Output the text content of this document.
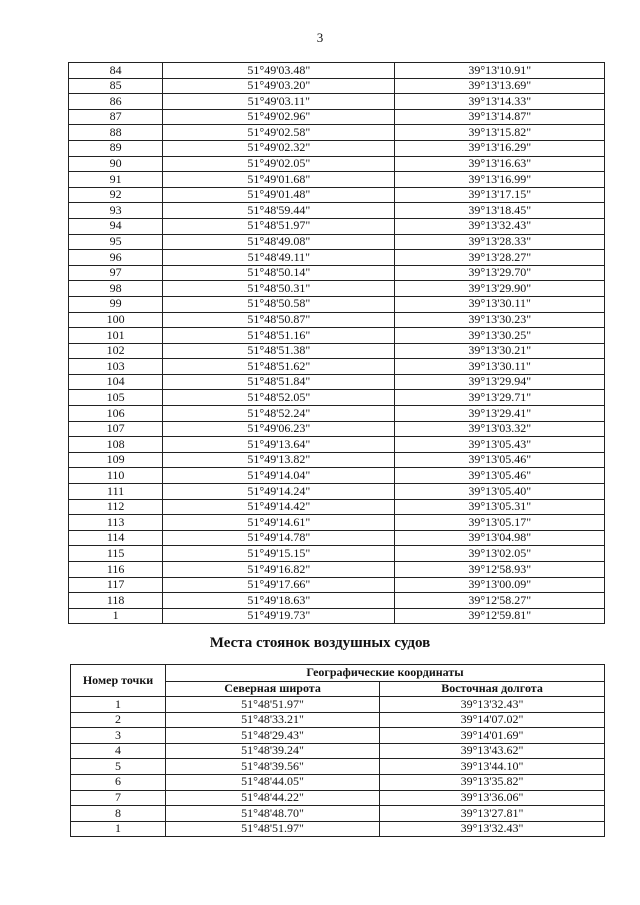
3
84	51°49'03.48"	39°13'10.91"
85	51°49'03.20"	39°13'13.69"
86	51°49'03.11"	39°13'14.33"
87	51°49'02.96"	39°13'14.87"
88	51°49'02.58"	39°13'15.82"
89	51°49'02.32"	39°13'16.29"
90	51°49'02.05"	39°13'16.63"
91	51°49'01.68"	39°13'16.99"
92	51°49'01.48"	39°13'17.15"
93	51°48'59.44"	39°13'18.45"
94	51°48'51.97"	39°13'32.43"
95	51°48'49.08"	39°13'28.33"
96	51°48'49.11"	39°13'28.27"
97	51°48'50.14"	39°13'29.70"
98	51°48'50.31"	39°13'29.90"
99	51°48'50.58"	39°13'30.11"
100	51°48'50.87"	39°13'30.23"
101	51°48'51.16"	39°13'30.25"
102	51°48'51.38"	39°13'30.21"
103	51°48'51.62"	39°13'30.11"
104	51°48'51.84"	39°13'29.94"
105	51°48'52.05"	39°13'29.71"
106	51°48'52.24"	39°13'29.41"
107	51°49'06.23"	39°13'03.32"
108	51°49'13.64"	39°13'05.43"
109	51°49'13.82"	39°13'05.46"
110	51°49'14.04"	39°13'05.46"
111	51°49'14.24"	39°13'05.40"
112	51°49'14.42"	39°13'05.31"
113	51°49'14.61"	39°13'05.17"
114	51°49'14.78"	39°13'04.98"
115	51°49'15.15"	39°13'02.05"
116	51°49'16.82"	39°12'58.93"
117	51°49'17.66"	39°13'00.09"
118	51°49'18.63"	39°12'58.27"
1	51°49'19.73"	39°12'59.81"
Места стоянок воздушных судов
Номер точки	Географические координаты	
	Северная широта	Восточная долгота
1	51°48'51.97"	39°13'32.43"
2	51°48'33.21"	39°14'07.02"
3	51°48'29.43"	39°14'01.69"
4	51°48'39.24"	39°13'43.62"
5	51°48'39.56"	39°13'44.10"
6	51°48'44.05"	39°13'35.82"
7	51°48'44.22"	39°13'36.06"
8	51°48'48.70"	39°13'27.81"
1	51°48'51.97"	39°13'32.43"
